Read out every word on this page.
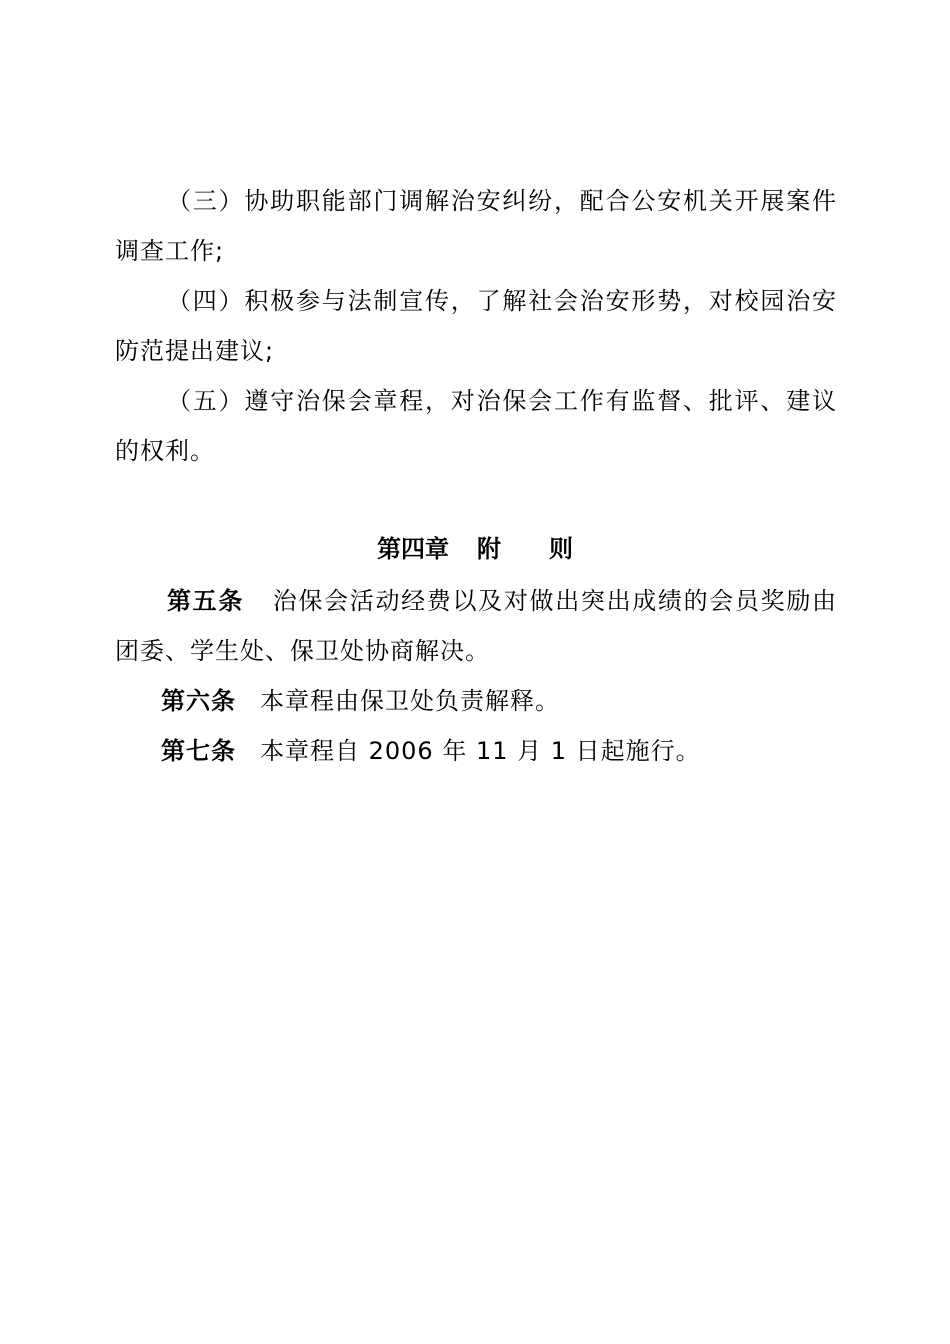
（三）协助职能部门调解治安纠纷，配合公安机关开展案件调查工作;

（四）积极参与法制宣传，了解社会治安形势，对校园治安防范提出建议;

（五）遵守治保会章程，对治保会工作有监督、批评、建议的权利。

第四章 附 则

第五条 治保会活动经费以及对做出突出成绩的会员奖励由团委、学生处、保卫处协商解决。

第六条 本章程由保卫处负责解释。

第七条 本章程自 2006 年 11 月 1 日起施行。
